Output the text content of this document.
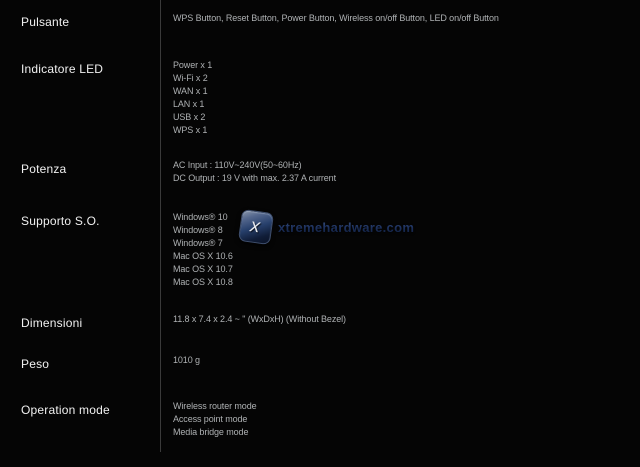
Pulsante	WPS Button, Reset Button, Power Button, Wireless on/off Button, LED on/off Button
Indicatore LED	Power x 1
Wi-Fi x 2
WAN x 1
LAN x 1
USB x 2
WPS x 1
Potenza	AC Input : 110V~240V(50~60Hz)
DC Output : 19 V with max. 2.37 A current
Supporto S.O.	Windows® 10
Windows® 8
Windows® 7
Mac OS X 10.6
Mac OS X 10.7
Mac OS X 10.8
Dimensioni	11.8 x 7.4 x 2.4 ~ " (WxDxH) (Without Bezel)
Peso	1010 g
Operation mode	Wireless router mode
Access point mode
Media bridge mode
x xtremehardware.com
